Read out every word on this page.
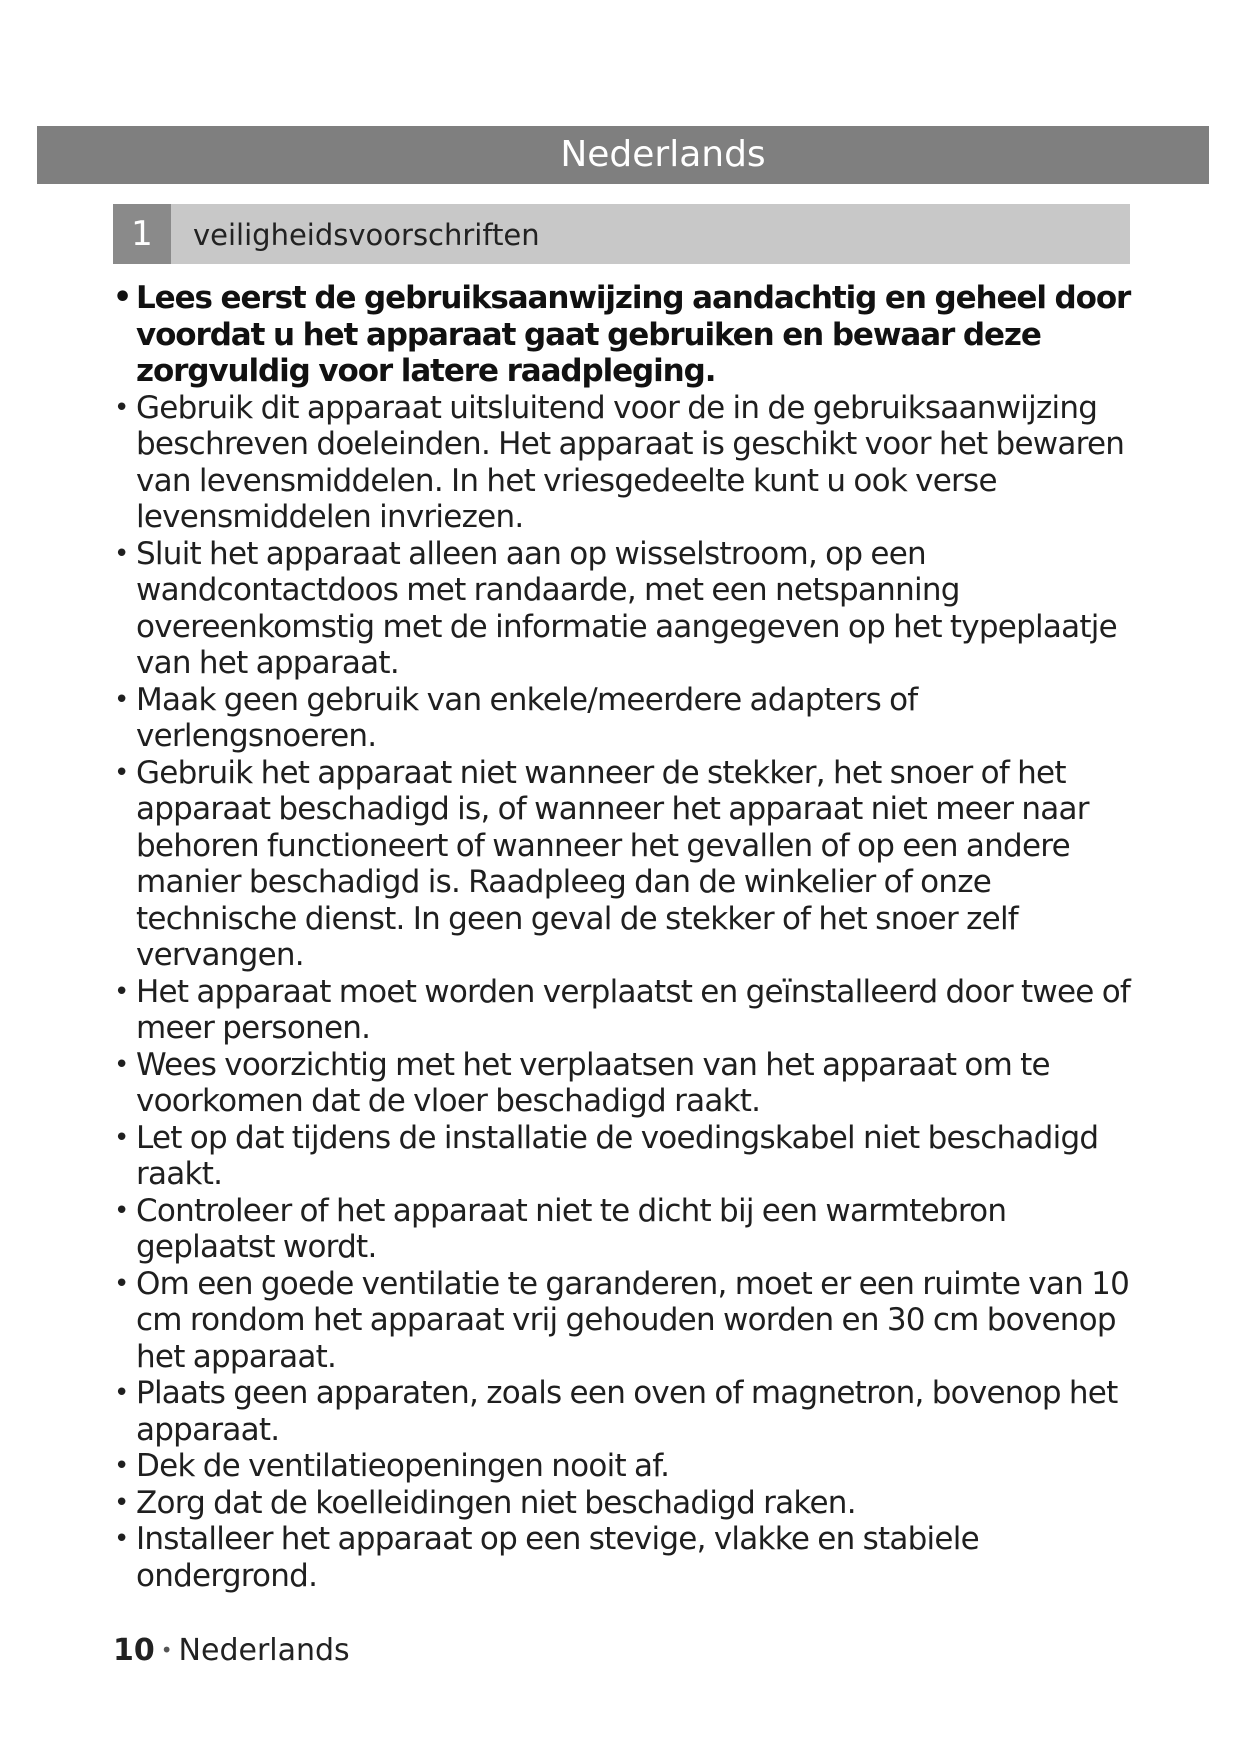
Nederlands
1	veiligheidsvoorschriften
• Lees eerst de gebruiksaanwijzing aandachtig en geheel door voordat u het apparaat gaat gebruiken en bewaar deze zorgvuldig voor latere raadpleging.
• Gebruik dit apparaat uitsluitend voor de in de gebruiksaanwijzing beschreven doeleinden. Het apparaat is geschikt voor het bewaren van levensmiddelen. In het vriesgedeelte kunt u ook verse levensmiddelen invriezen.
• Sluit het apparaat alleen aan op wisselstroom, op een wandcontactdoos met randaarde, met een netspanning overeenkomstig met de informatie aangegeven op het typeplaatje van het apparaat.
• Maak geen gebruik van enkele/meerdere adapters of verlengsnoeren.
• Gebruik het apparaat niet wanneer de stekker, het snoer of het apparaat beschadigd is, of wanneer het apparaat niet meer naar behoren functioneert of wanneer het gevallen of op een andere manier beschadigd is. Raadpleeg dan de winkelier of onze technische dienst. In geen geval de stekker of het snoer zelf vervangen.
• Het apparaat moet worden verplaatst en geïnstalleerd door twee of meer personen.
• Wees voorzichtig met het verplaatsen van het apparaat om te voorkomen dat de vloer beschadigd raakt.
• Let op dat tijdens de installatie de voedingskabel niet beschadigd raakt.
• Controleer of het apparaat niet te dicht bij een warmtebron geplaatst wordt.
• Om een goede ventilatie te garanderen, moet er een ruimte van 10 cm rondom het apparaat vrij gehouden worden en 30 cm bovenop het apparaat.
• Plaats geen apparaten, zoals een oven of magnetron, bovenop het apparaat.
• Dek de ventilatieopeningen nooit af.
• Zorg dat de koelleidingen niet beschadigd raken.
• Installeer het apparaat op een stevige, vlakke en stabiele ondergrond.
10 • Nederlands
